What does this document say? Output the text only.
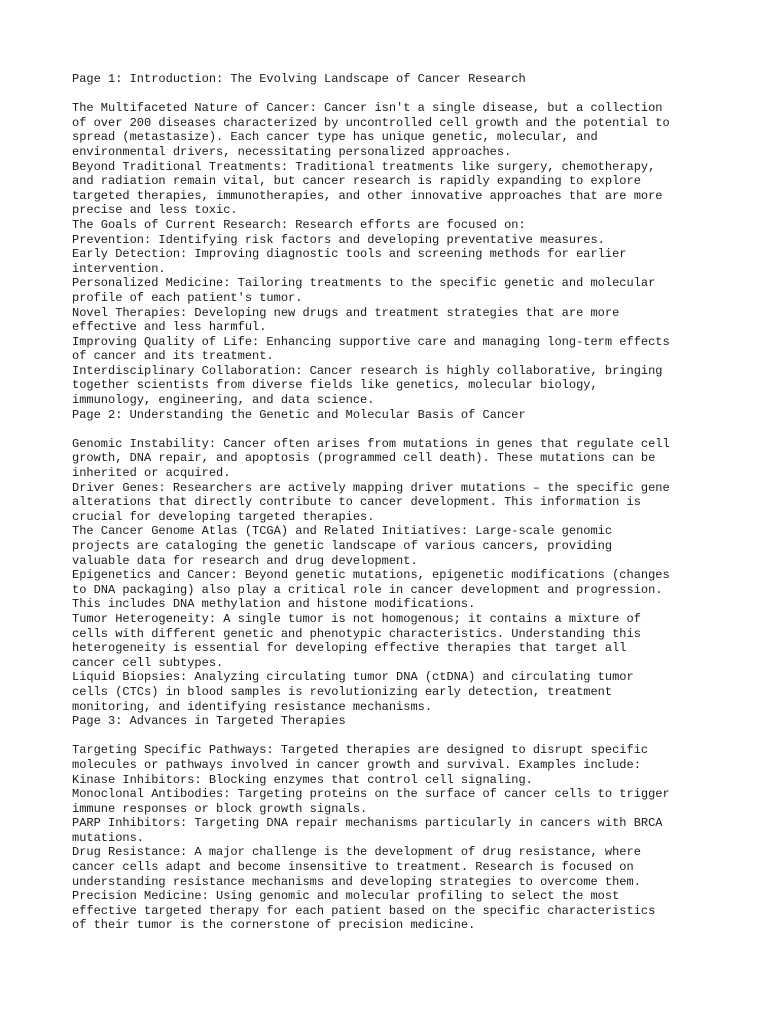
Page 1: Introduction: The Evolving Landscape of Cancer Research
The Multifaceted Nature of Cancer: Cancer isn't a single disease, but a collection
of over 200 diseases characterized by uncontrolled cell growth and the potential to
spread (metastasize). Each cancer type has unique genetic, molecular, and
environmental drivers, necessitating personalized approaches.
Beyond Traditional Treatments: Traditional treatments like surgery, chemotherapy,
and radiation remain vital, but cancer research is rapidly expanding to explore
targeted therapies, immunotherapies, and other innovative approaches that are more
precise and less toxic.
The Goals of Current Research: Research efforts are focused on:
Prevention: Identifying risk factors and developing preventative measures.
Early Detection: Improving diagnostic tools and screening methods for earlier
intervention.
Personalized Medicine: Tailoring treatments to the specific genetic and molecular
profile of each patient's tumor.
Novel Therapies: Developing new drugs and treatment strategies that are more
effective and less harmful.
Improving Quality of Life: Enhancing supportive care and managing long-term effects
of cancer and its treatment.
Interdisciplinary Collaboration: Cancer research is highly collaborative, bringing
together scientists from diverse fields like genetics, molecular biology,
immunology, engineering, and data science.
Page 2: Understanding the Genetic and Molecular Basis of Cancer
Genomic Instability: Cancer often arises from mutations in genes that regulate cell
growth, DNA repair, and apoptosis (programmed cell death). These mutations can be
inherited or acquired.
Driver Genes: Researchers are actively mapping driver mutations – the specific gene
alterations that directly contribute to cancer development. This information is
crucial for developing targeted therapies.
The Cancer Genome Atlas (TCGA) and Related Initiatives: Large-scale genomic
projects are cataloging the genetic landscape of various cancers, providing
valuable data for research and drug development.
Epigenetics and Cancer: Beyond genetic mutations, epigenetic modifications (changes
to DNA packaging) also play a critical role in cancer development and progression.
This includes DNA methylation and histone modifications.
Tumor Heterogeneity: A single tumor is not homogenous; it contains a mixture of
cells with different genetic and phenotypic characteristics. Understanding this
heterogeneity is essential for developing effective therapies that target all
cancer cell subtypes.
Liquid Biopsies: Analyzing circulating tumor DNA (ctDNA) and circulating tumor
cells (CTCs) in blood samples is revolutionizing early detection, treatment
monitoring, and identifying resistance mechanisms.
Page 3: Advances in Targeted Therapies
Targeting Specific Pathways: Targeted therapies are designed to disrupt specific
molecules or pathways involved in cancer growth and survival. Examples include:
Kinase Inhibitors: Blocking enzymes that control cell signaling.
Monoclonal Antibodies: Targeting proteins on the surface of cancer cells to trigger
immune responses or block growth signals.
PARP Inhibitors: Targeting DNA repair mechanisms particularly in cancers with BRCA
mutations.
Drug Resistance: A major challenge is the development of drug resistance, where
cancer cells adapt and become insensitive to treatment. Research is focused on
understanding resistance mechanisms and developing strategies to overcome them.
Precision Medicine: Using genomic and molecular profiling to select the most
effective targeted therapy for each patient based on the specific characteristics
of their tumor is the cornerstone of precision medicine.
